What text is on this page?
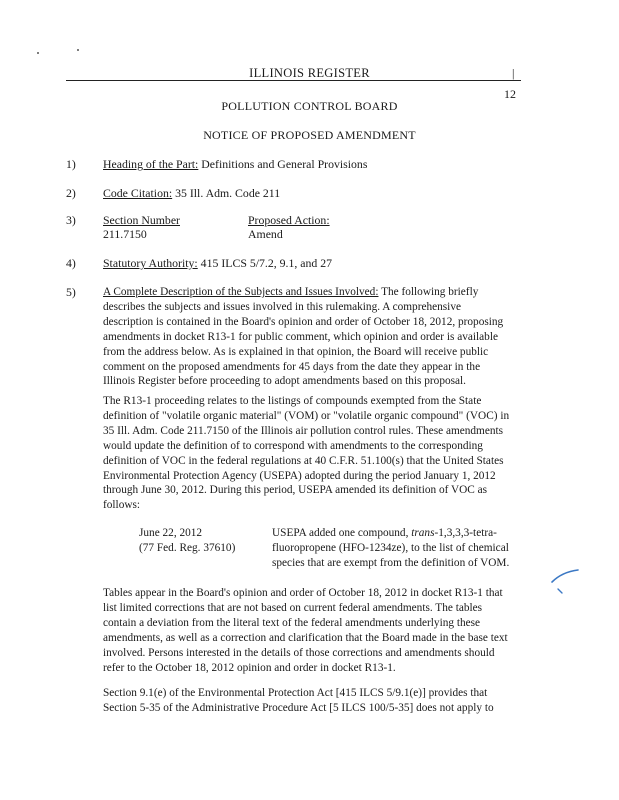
ILLINOIS REGISTER	|
12
POLLUTION CONTROL BOARD
NOTICE OF PROPOSED AMENDMENT
1) Heading of the Part: Definitions and General Provisions
2) Code Citation: 35 Ill. Adm. Code 211
3) Section Number
211.7150
Proposed Action:
Amend
4) Statutory Authority: 415 ILCS 5/7.2, 9.1, and 27
5) A Complete Description of the Subjects and Issues Involved: The following briefly
describes the subjects and issues involved in this rulemaking. A comprehensive
description is contained in the Board's opinion and order of October 18, 2012, proposing
amendments in docket R13-1 for public comment, which opinion and order is available
from the address below. As is explained in that opinion, the Board will receive public
comment on the proposed amendments for 45 days from the date they appear in the
Illinois Register before proceeding to adopt amendments based on this proposal.
The R13-1 proceeding relates to the listings of compounds exempted from the State
definition of "volatile organic material" (VOM) or "volatile organic compound" (VOC) in
35 Ill. Adm. Code 211.7150 of the Illinois air pollution control rules. These amendments
would update the definition of to correspond with amendments to the corresponding
definition of VOC in the federal regulations at 40 C.F.R. 51.100(s) that the United States
Environmental Protection Agency (USEPA) adopted during the period January 1, 2012
through June 30, 2012. During this period, USEPA amended its definition of VOC as
follows:
June 22, 2012
(77 Fed. Reg. 37610)
USEPA added one compound, trans-1,3,3,3-tetra-
fluoropropene (HFO-1234ze), to the list of chemical
species that are exempt from the definition of VOM.
Tables appear in the Board's opinion and order of October 18, 2012 in docket R13-1 that
list limited corrections that are not based on current federal amendments. The tables
contain a deviation from the literal text of the federal amendments underlying these
amendments, as well as a correction and clarification that the Board made in the base text
involved. Persons interested in the details of those corrections and amendments should
refer to the October 18, 2012 opinion and order in docket R13-1.
Section 9.1(e) of the Environmental Protection Act [415 ILCS 5/9.1(e)] provides that
Section 5-35 of the Administrative Procedure Act [5 ILCS 100/5-35] does not apply to
